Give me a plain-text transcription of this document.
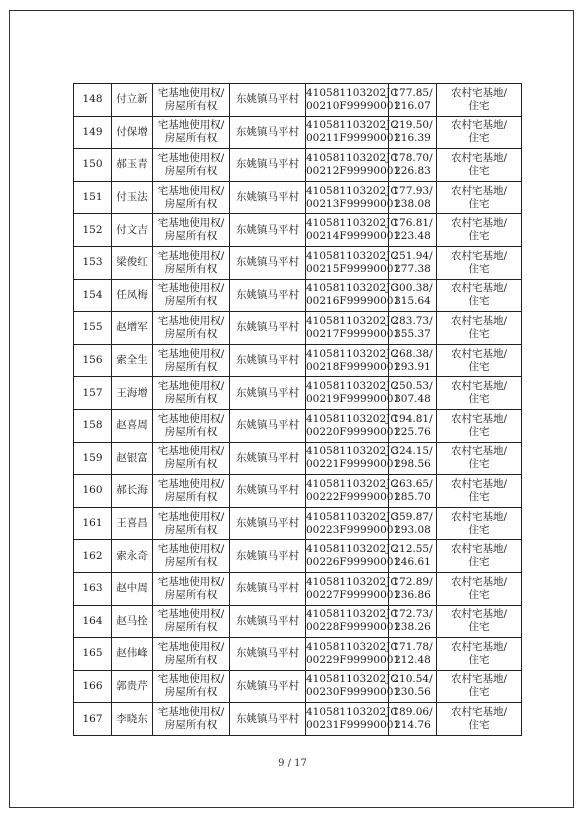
148	付立新	宅基地使用权/
房屋所有权	东姚镇马平村	410581103202JC
00210F99990001	177.85/
216.07	农村宅基地/
住宅

149	付保增	宅基地使用权/
房屋所有权	东姚镇马平村	410581103202JC
00211F99990001	219.50/
216.39	农村宅基地/
住宅

150	郝玉青	宅基地使用权/
房屋所有权	东姚镇马平村	410581103202JC
00212F99990001	178.70/
226.83	农村宅基地/
住宅

151	付玉法	宅基地使用权/
房屋所有权	东姚镇马平村	410581103202JC
00213F99990001	177.93/
238.08	农村宅基地/
住宅

152	付文吉	宅基地使用权/
房屋所有权	东姚镇马平村	410581103202JC
00214F99990001	176.81/
223.48	农村宅基地/
住宅

153	梁俊红	宅基地使用权/
房屋所有权	东姚镇马平村	410581103202JC
00215F99990001	251.94/
277.38	农村宅基地/
住宅

154	任凤梅	宅基地使用权/
房屋所有权	东姚镇马平村	410581103202JC
00216F99990001	300.38/
315.64	农村宅基地/
住宅

155	赵增军	宅基地使用权/
房屋所有权	东姚镇马平村	410581103202JC
00217F99990001	283.73/
355.37	农村宅基地/
住宅

156	索全生	宅基地使用权/
房屋所有权	东姚镇马平村	410581103202JC
00218F99990001	268.38/
293.91	农村宅基地/
住宅

157	王海增	宅基地使用权/
房屋所有权	东姚镇马平村	410581103202JC
00219F99990001	250.53/
307.48	农村宅基地/
住宅

158	赵喜周	宅基地使用权/
房屋所有权	东姚镇马平村	410581103202JC
00220F99990001	194.81/
225.76	农村宅基地/
住宅

159	赵银富	宅基地使用权/
房屋所有权	东姚镇马平村	410581103202JC
00221F99990001	324.15/
298.56	农村宅基地/
住宅

160	郝长海	宅基地使用权/
房屋所有权	东姚镇马平村	410581103202JC
00222F99990001	263.65/
285.70	农村宅基地/
住宅

161	王喜昌	宅基地使用权/
房屋所有权	东姚镇马平村	410581103202JC
00223F99990001	359.87/
293.08	农村宅基地/
住宅

162	索永奇	宅基地使用权/
房屋所有权	东姚镇马平村	410581103202JC
00226F99990001	212.55/
246.61	农村宅基地/
住宅

163	赵中周	宅基地使用权/
房屋所有权	东姚镇马平村	410581103202JC
00227F99990001	172.89/
236.86	农村宅基地/
住宅

164	赵马拴	宅基地使用权/
房屋所有权	东姚镇马平村	410581103202JC
00228F99990001	172.73/
238.26	农村宅基地/
住宅

165	赵伟峰	宅基地使用权/
房屋所有权	东姚镇马平村	410581103202JC
00229F99990001	171.78/
212.48	农村宅基地/
住宅

166	郭贵芹	宅基地使用权/
房屋所有权	东姚镇马平村	410581103202JC
00230F99990001	210.54/
230.56	农村宅基地/
住宅

167	李晓东	宅基地使用权/
房屋所有权	东姚镇马平村	410581103202JC
00231F99990001	189.06/
214.76	农村宅基地/
住宅
9 / 17
